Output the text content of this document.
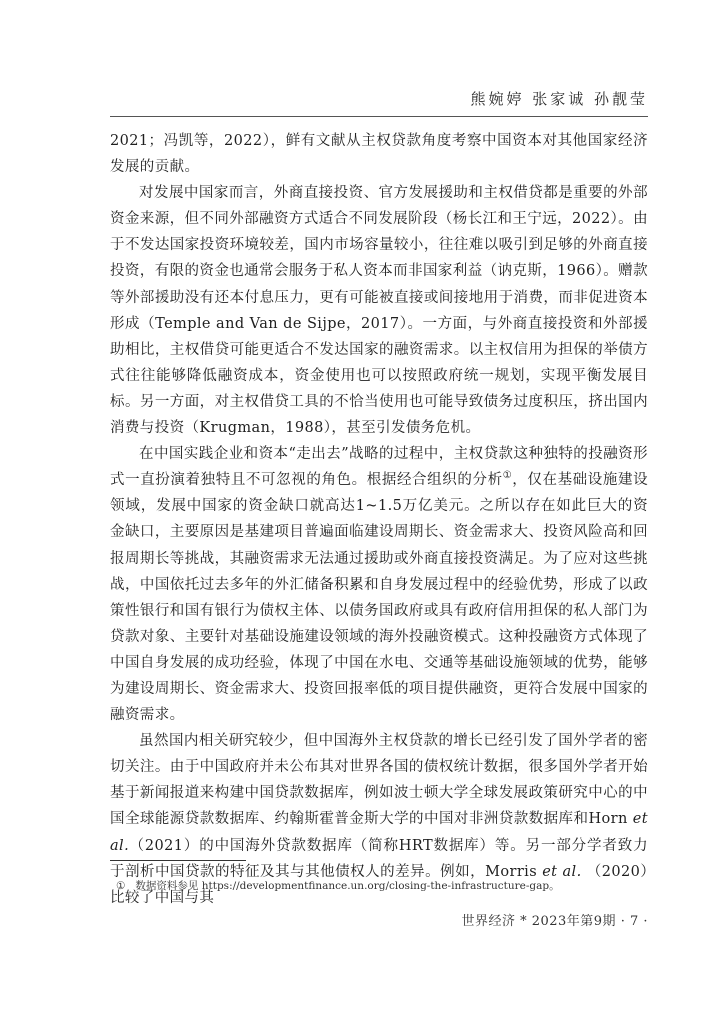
熊婉婷 张家诚 孙靓莹

2021；冯凯等，2022），鲜有文献从主权贷款角度考察中国资本对其他国家经济发展的贡献。

对发展中国家而言，外商直接投资、官方发展援助和主权借贷都是重要的外部资金来源，但不同外部融资方式适合不同发展阶段（杨长江和王宁远，2022）。由于不发达国家投资环境较差，国内市场容量较小，往往难以吸引到足够的外商直接投资，有限的资金也通常会服务于私人资本而非国家利益（讷克斯，1966）。赠款等外部援助没有还本付息压力，更有可能被直接或间接地用于消费，而非促进资本形成（Temple and Van de Sijpe，2017）。一方面，与外商直接投资和外部援助相比，主权借贷可能更适合不发达国家的融资需求。以主权信用为担保的举债方式往往能够降低融资成本，资金使用也可以按照政府统一规划，实现平衡发展目标。另一方面，对主权借贷工具的不恰当使用也可能导致债务过度积压，挤出国内消费与投资（Krugman，1988），甚至引发债务危机。

在中国实践企业和资本“走出去”战略的过程中，主权贷款这种独特的投融资形式一直扮演着独特且不可忽视的角色。根据经合组织的分析①，仅在基础设施建设领域，发展中国家的资金缺口就高达1~1.5万亿美元。之所以存在如此巨大的资金缺口，主要原因是基建项目普遍面临建设周期长、资金需求大、投资风险高和回报周期长等挑战，其融资需求无法通过援助或外商直接投资满足。为了应对这些挑战，中国依托过去多年的外汇储备积累和自身发展过程中的经验优势，形成了以政策性银行和国有银行为债权主体、以债务国政府或具有政府信用担保的私人部门为贷款对象、主要针对基础设施建设领域的海外投融资模式。这种投融资方式体现了中国自身发展的成功经验，体现了中国在水电、交通等基础设施领域的优势，能够为建设周期长、资金需求大、投资回报率低的项目提供融资，更符合发展中国家的融资需求。

虽然国内相关研究较少，但中国海外主权贷款的增长已经引发了国外学者的密切关注。由于中国政府并未公布其对世界各国的债权统计数据，很多国外学者开始基于新闻报道来构建中国贷款数据库，例如波士顿大学全球发展政策研究中心的中国全球能源贷款数据库、约翰斯霍普金斯大学的中国对非洲贷款数据库和Horn et al.（2021）的中国海外贷款数据库（简称HRT数据库）等。另一部分学者致力于剖析中国贷款的特征及其与其他债权人的差异。例如，Morris et al. （2020）比较了中国与其

① 数据资料参见 https://developmentfinance.un.org/closing-the-infrastructure-gap。
世界经济 * 2023年第9期 · 7 ·
